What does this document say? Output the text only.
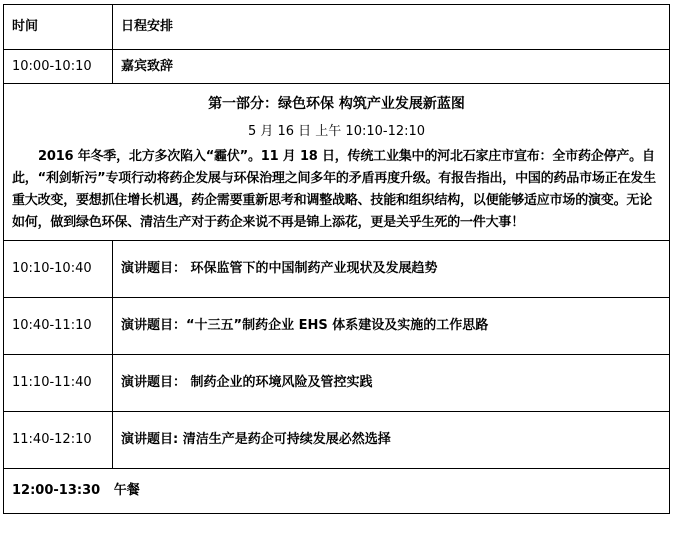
时间	日程安排
10:00-10:10	嘉宾致辞

第一部分：绿色环保 构筑产业发展新蓝图
5 月 16 日 上午 10:10-12:10

2016 年冬季，北方多次陷入“霾伏”。11 月 18 日，传统工业集中的河北石家庄市宣布：全市药企停产。自此，“利剑斩污”专项行动将药企发展与环保治理之间多年的矛盾再度升级。有报告指出，中国的药品市场正在发生重大改变，要想抓住增长机遇，药企需要重新思考和调整战略、技能和组织结构，以便能够适应市场的演变。无论如何，做到绿色环保、清洁生产对于药企来说不再是锦上添花，更是关乎生死的一件大事！	

10:10-10:40	演讲题目： 环保监管下的中国制药产业现状及发展趋势
10:40-11:10	演讲题目：“十三五”制药企业 EHS 体系建设及实施的工作思路
11:10-11:40	演讲题目： 制药企业的环境风险及管控实践
11:40-12:10	演讲题目: 清洁生产是药企可持续发展必然选择
12:00-13:30   午餐	
